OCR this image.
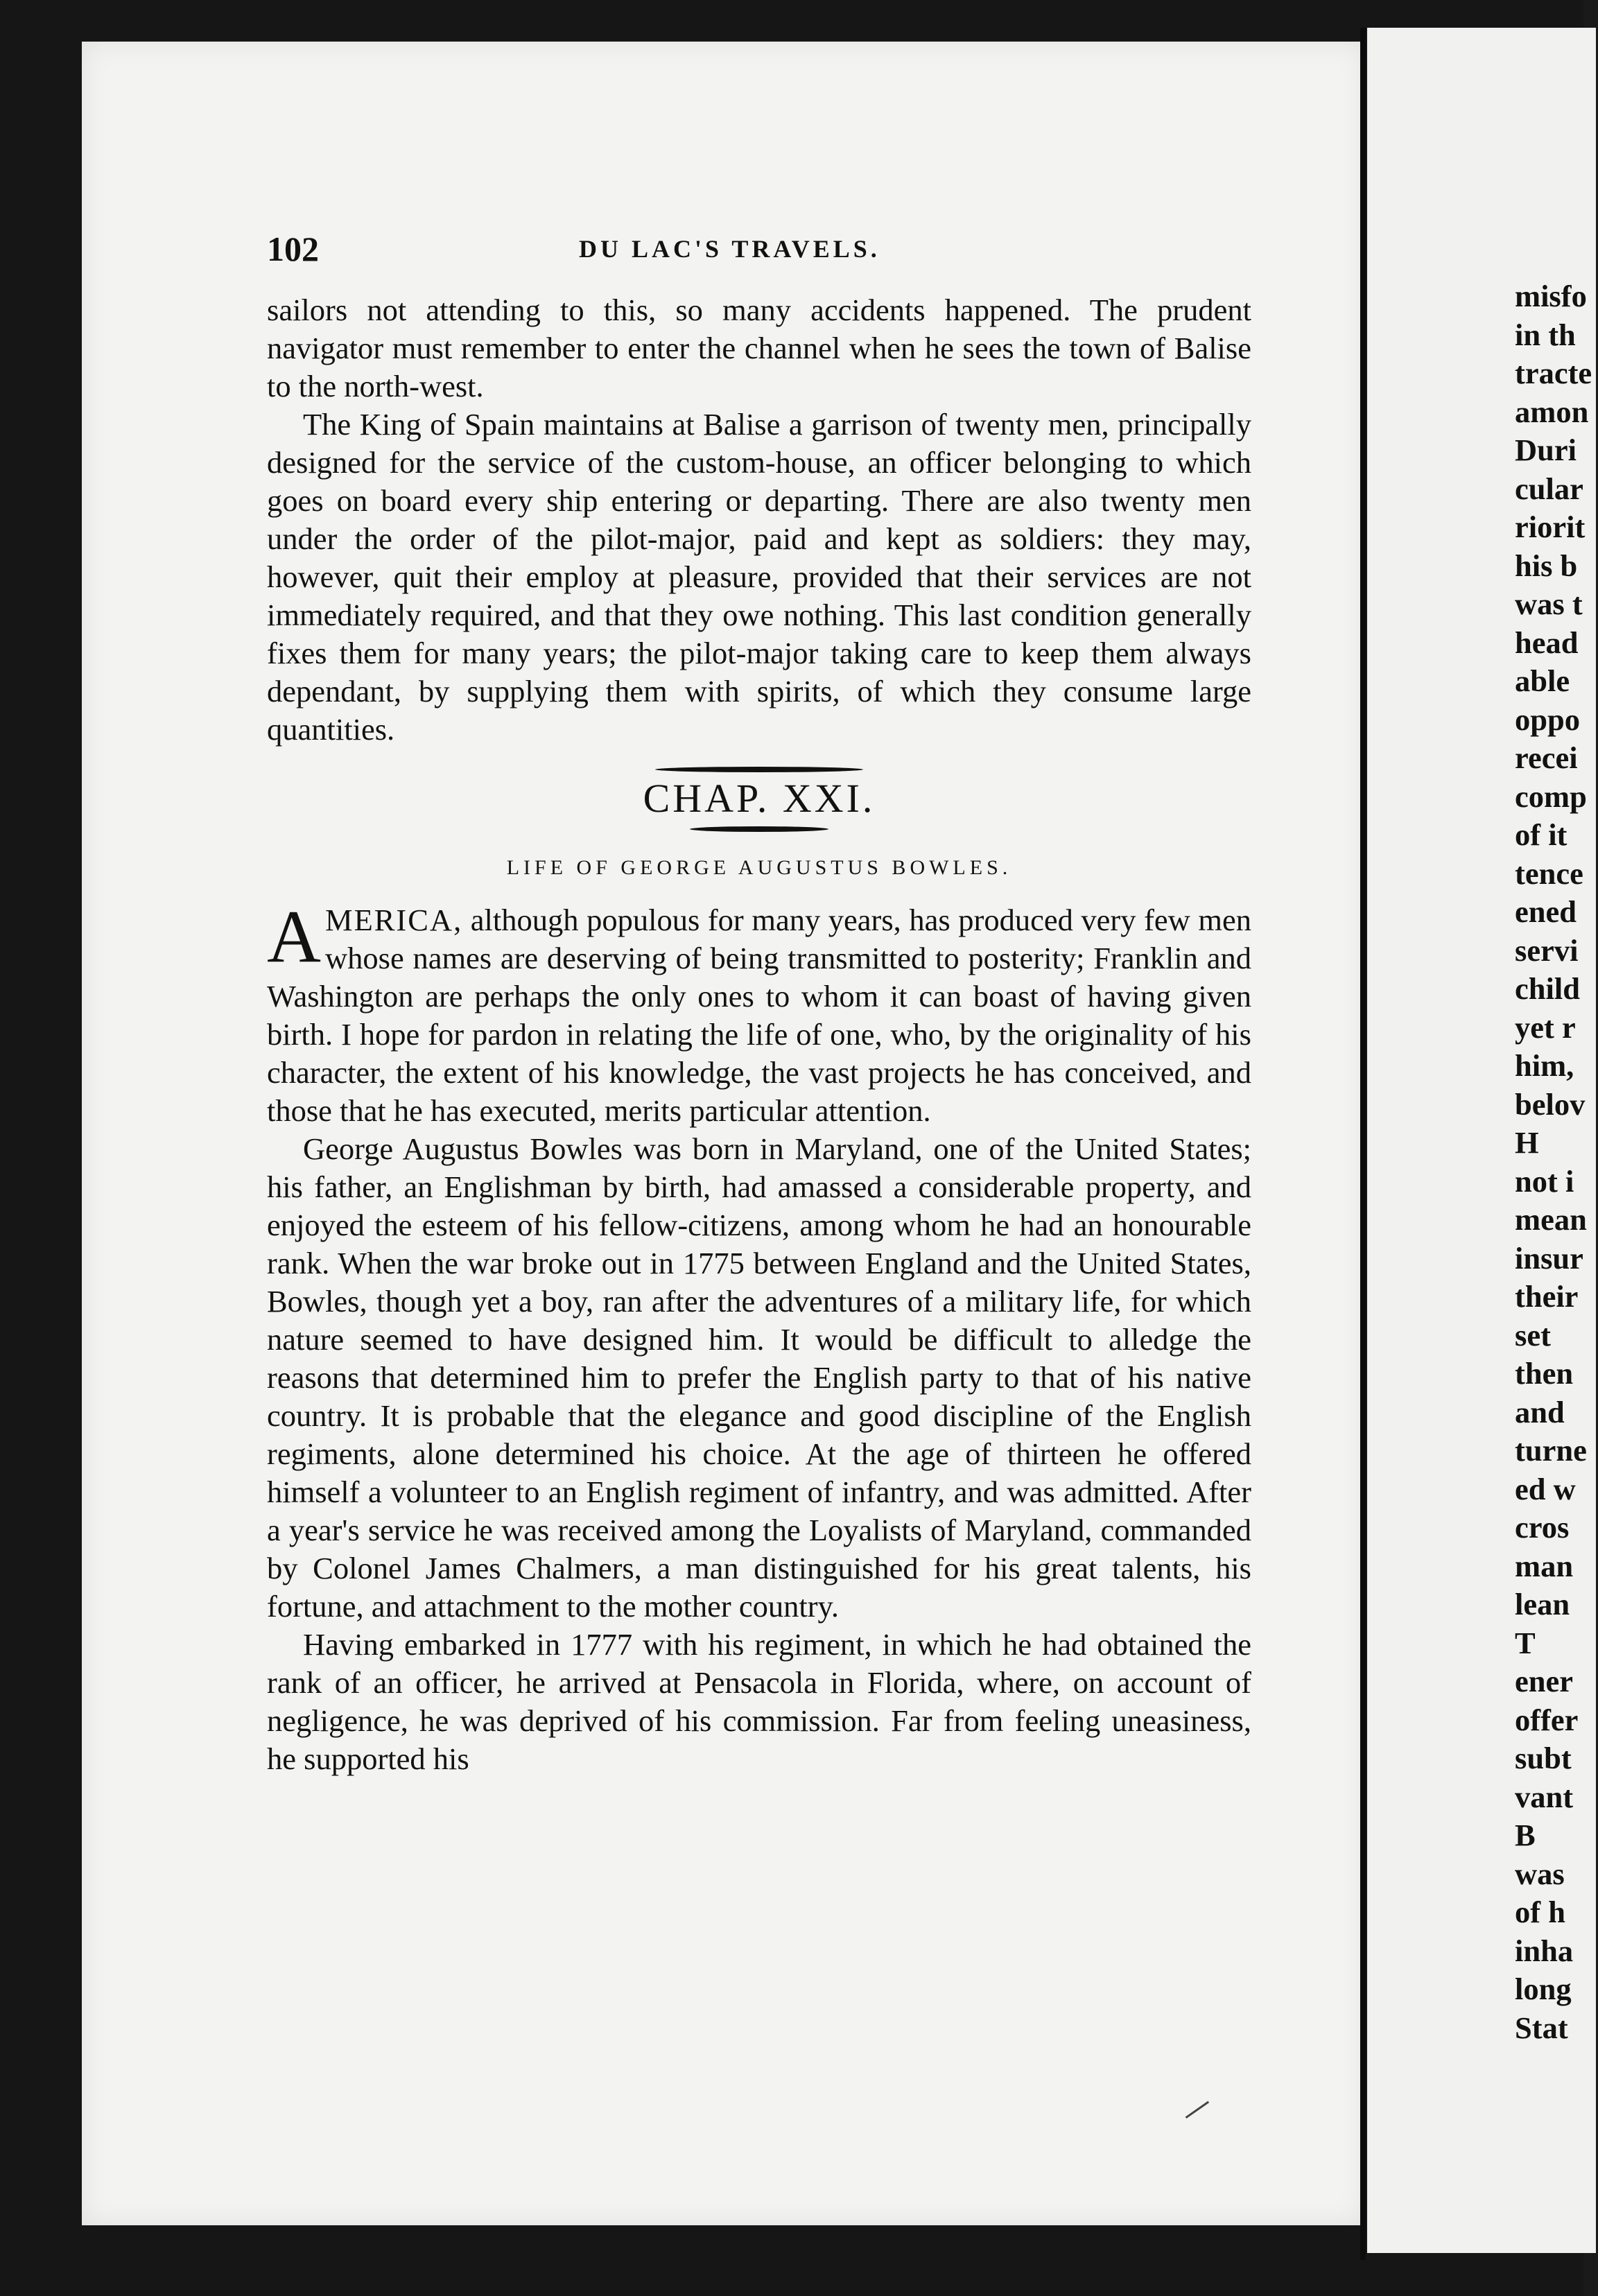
102	DU LAC'S TRAVELS.

sailors not attending to this, so many accidents happened. The prudent navigator must remember to enter the channel when he sees the town of Balise to the north-west.

The King of Spain maintains at Balise a garrison of twenty men, principally designed for the service of the custom-house, an officer belonging to which goes on board every ship entering or departing. There are also twenty men under the order of the pilot-major, paid and kept as soldiers: they may, however, quit their employ at pleasure, provided that their services are not immediately required, and that they owe nothing. This last condition generally fixes them for many years; the pilot-major taking care to keep them always dependant, by supplying them with spirits, of which they consume large quantities.

CHAP. XXI.
LIFE OF GEORGE AUGUSTUS BOWLES.

AMERICA, although populous for many years, has produced very few men whose names are deserving of being transmitted to posterity; Franklin and Washington are perhaps the only ones to whom it can boast of having given birth. I hope for pardon in relating the life of one, who, by the originality of his character, the extent of his knowledge, the vast projects he has conceived, and those that he has executed, merits particular attention.

George Augustus Bowles was born in Maryland, one of the United States; his father, an Englishman by birth, had amassed a considerable property, and enjoyed the esteem of his fellow-citizens, among whom he had an honourable rank. When the war broke out in 1775 between England and the United States, Bowles, though yet a boy, ran after the adventures of a military life, for which nature seemed to have designed him. It would be difficult to alledge the reasons that determined him to prefer the English party to that of his native country. It is probable that the elegance and good discipline of the English regiments, alone determined his choice. At the age of thirteen he offered himself a volunteer to an English regiment of infantry, and was admitted. After a year's service he was received among the Loyalists of Maryland, commanded by Colonel James Chalmers, a man distinguished for his great talents, his fortune, and attachment to the mother country.

Having embarked in 1777 with his regiment, in which he had obtained the rank of an officer, he arrived at Pensacola in Florida, where, on account of negligence, he was deprived of his commission. Far from feeling uneasiness, he supported his

misfo
in th
tracte
amon
Duri
cular
riorit
his b
was t
head
able
oppo
recei
comp
of it
tence
ened
servi
child
yet r
him,
belov
H
not i
mean
insur
their
set
then
and
turne
ed w
cros
man
lean
T
ener
offer
subt
vant
B
was
of h
inha
long
Stat
